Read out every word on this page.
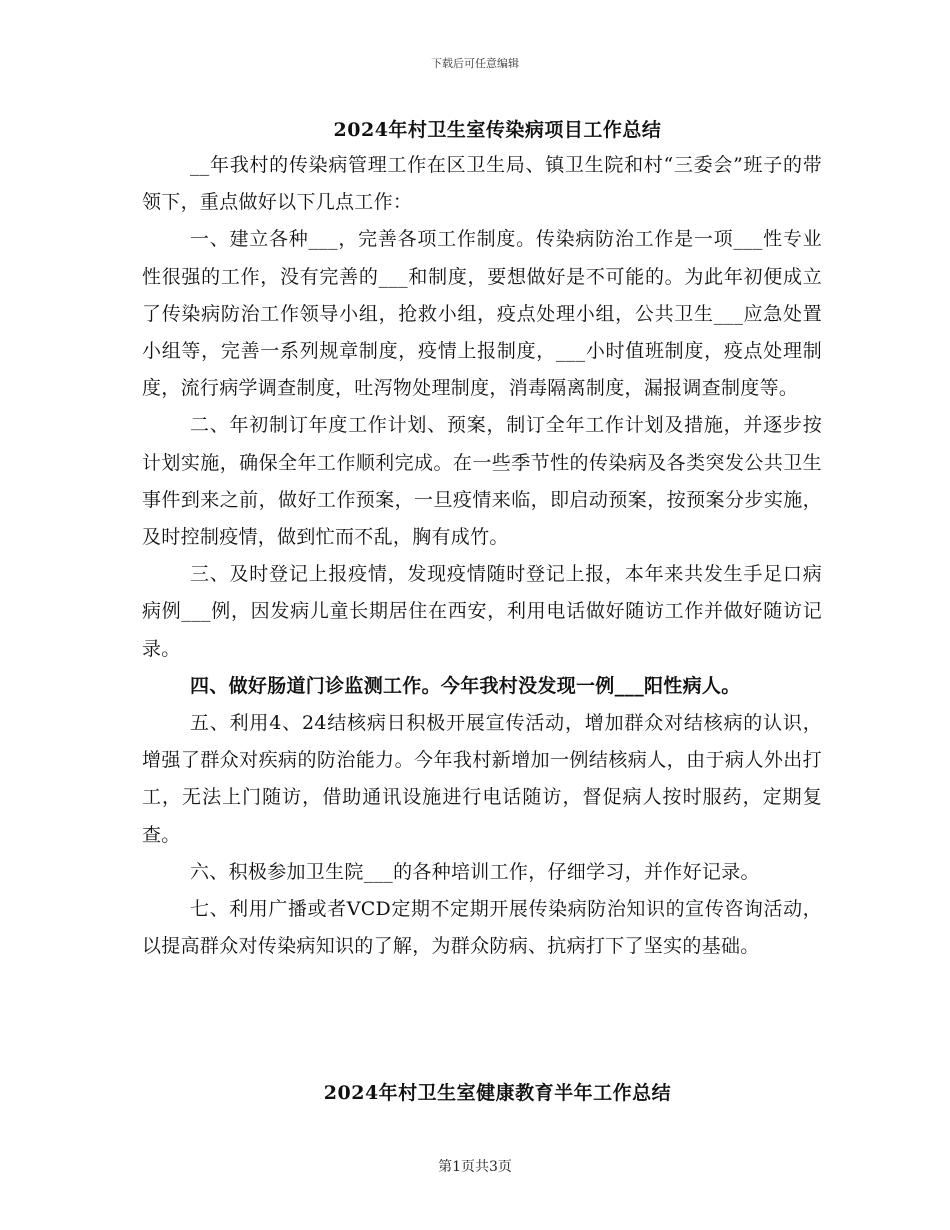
下载后可任意编辑
2024年村卫生室传染病项目工作总结

__年我村的传染病管理工作在区卫生局、镇卫生院和村“三委会”班子的带领下，重点做好以下几点工作：

一、建立各种___，完善各项工作制度。传染病防治工作是一项___性专业性很强的工作，没有完善的___和制度，要想做好是不可能的。为此年初便成立了传染病防治工作领导小组，抢救小组，疫点处理小组，公共卫生___应急处置小组等，完善一系列规章制度，疫情上报制度，___小时值班制度，疫点处理制度，流行病学调查制度，吐泻物处理制度，消毒隔离制度，漏报调查制度等。

二、年初制订年度工作计划、预案，制订全年工作计划及措施，并逐步按计划实施，确保全年工作顺利完成。在一些季节性的传染病及各类突发公共卫生事件到来之前，做好工作预案，一旦疫情来临，即启动预案，按预案分步实施，及时控制疫情，做到忙而不乱，胸有成竹。

三、及时登记上报疫情，发现疫情随时登记上报，本年来共发生手足口病病例___例，因发病儿童长期居住在西安，利用电话做好随访工作并做好随访记录。

四、做好肠道门诊监测工作。今年我村没发现一例___阳性病人。

五、利用4、24结核病日积极开展宣传活动，增加群众对结核病的认识，增强了群众对疾病的防治能力。今年我村新增加一例结核病人，由于病人外出打工，无法上门随访，借助通讯设施进行电话随访，督促病人按时服药，定期复查。

六、积极参加卫生院___的各种培训工作，仔细学习，并作好记录。

七、利用广播或者VCD定期不定期开展传染病防治知识的宣传咨询活动，以提高群众对传染病知识的了解，为群众防病、抗病打下了坚实的基础。

2024年村卫生室健康教育半年工作总结
第1页共3页
